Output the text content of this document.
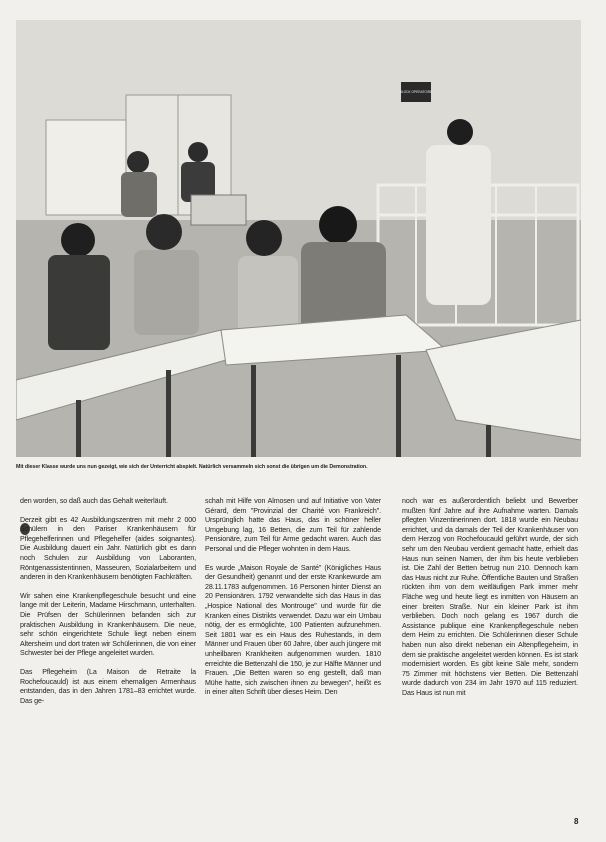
BLOCK OPERATOIRE
Mit dieser Klasse wurde uns nun gezeigt, wie sich der Unterricht abspielt. Natürlich versammeln sich sonst die übrigen um die Demonstration.

den worden, so daß auch das Gehalt weiterläuft.

Derzeit gibt es 42 Ausbildungszentren mit mehr 2 000 Schülern in den Pariser Krankenhäusern für Pflegehelferinnen und Pflegehelfer (aides soignantes). Die Ausbildung dauert ein Jahr. Natürlich gibt es dann noch Schulen zur Ausbildung von Laboranten, Röntgenassistentinnen, Masseuren, Sozialarbeitern und anderen in den Krankenhäusern benötigten Fachkräften.

Wir sahen eine Krankenpflegeschule besucht und eine lange mit der Leiterin, Madame Hirschmann, unterhalten. Die Prüfsen der Schülerinnen befanden sich zur praktischen Ausbildung in Krankenhäusern. Die neue, sehr schön eingerichtete Schule liegt neben einem Altersheim und dort traten wir Schülerinnen, die von einer Schwester bei der Pflege angeleitet wurden.

Das Pflegeheim (La Maison de Retraite la Rochefoucauld) ist aus einem ehemaligen Armenhaus entstanden, das in den Jahren 1781–83 errichtet wurde. Das ge-

schah mit Hilfe von Almosen und auf Initiative von Vater Gérard, dem "Provinzial der Charité von Frankreich". Ursprünglich hatte das Haus, das in schöner heller Umgebung lag, 16 Betten, die zum Teil für zahlende Pensionäre, zum Teil für Arme gedacht waren. Auch das Personal und die Pfleger wohnten in dem Haus.

Es wurde „Maison Royale de Santé" (Königliches Haus der Gesundheit) genannt und der erste Krankewurde am 28.11.1783 aufgenommen. 16 Personen hinter Dienst an 20 Pensionären. 1792 verwandelte sich das Haus in das „Hospice National des Montrouge" und wurde für die Kranken eines Distrikts verwendet. Dazu war ein Umbau nötig, der es ermöglichte, 100 Patienten aufzunehmen. Seit 1801 war es ein Haus des Ruhestands, in dem Männer und Frauen über 60 Jahre, über auch jüngere mit unheilbaren Krankheiten aufgenommen wurden. 1810 erreichte die Bettenzahl die 150, je zur Hälfte Männer und Frauen. „Die Betten waren so eng gestellt, daß man Mühe hatte, sich zwischen ihnen zu bewegen", heißt es in einer alten Schrift über dieses Heim. Den

noch war es außerordentlich beliebt und Bewerber mußten fünf Jahre auf ihre Aufnahme warten. Damals pflegten Vinzentinerinnen dort. 1818 wurde ein Neubau errichtet, und da damals der Teil der Krankenhäuser von dem Herzog von Rochefoucauld geführt wurde, der sich sehr um den Neubau verdient gemacht hatte, erhielt das Haus nun seinen Namen, der ihm bis heute verblieben ist. Die Zahl der Betten betrug nun 210. Dennoch kam das Haus nicht zur Ruhe. Öffentliche Bauten und Straßen rückten ihm von dem weitläufigen Park immer mehr Fläche weg und heute liegt es inmitten von Häusern an einer breiten Straße. Nur ein kleiner Park ist ihm verblieben. Doch noch gelang es 1967 durch die Assistance publique eine Krankenpflegeschule neben dem Heim zu errichten. Die Schülerinnen dieser Schule haben nun also direkt nebenan ein Altenpflegeheim, in dem sie praktische angeleitet werden können. Es ist stark modernisiert worden. Es gibt keine Säle mehr, sondern 75 Zimmer mit höchstens vier Betten. Die Bettenzahl wurde dadurch von 234 im Jahr 1970 auf 115 reduziert. Das Haus ist nun mit

8
